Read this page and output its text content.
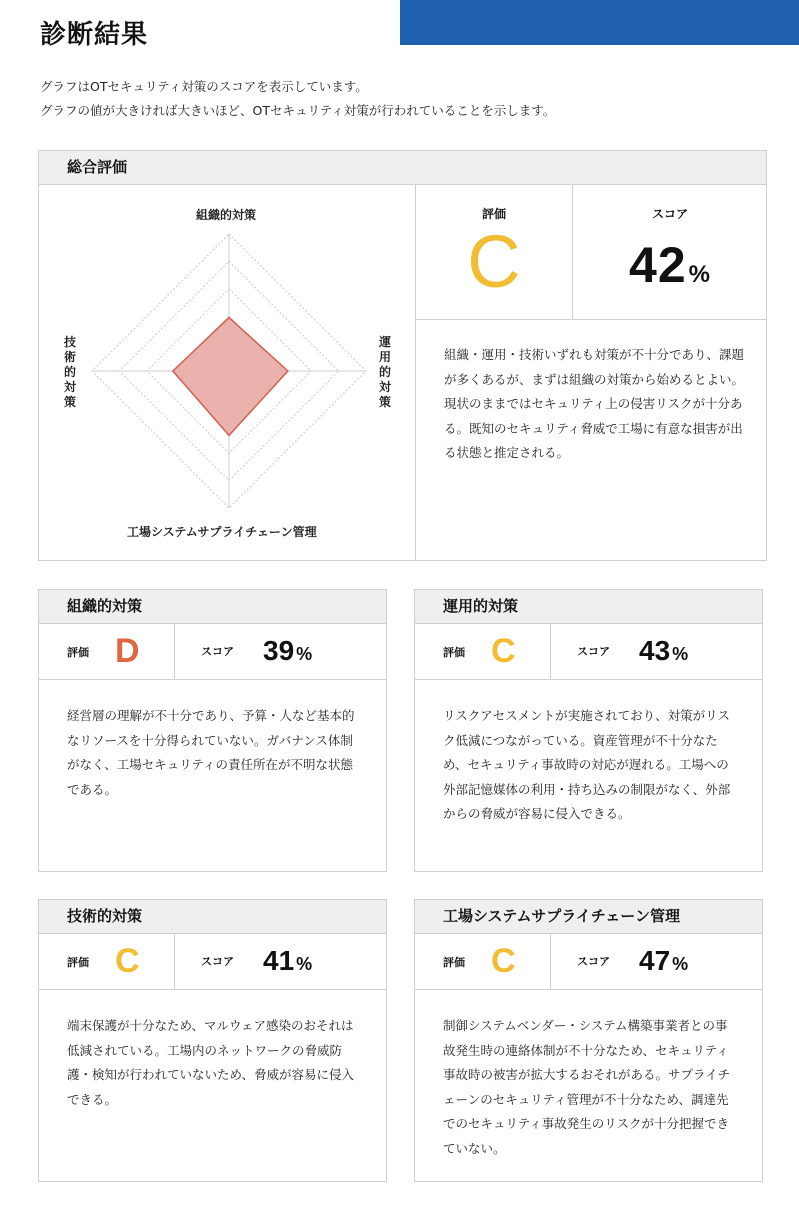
診断結果
グラフはOTセキュリティ対策のスコアを表示しています。
グラフの値が大きければ大きいほど、OTセキュリティ対策が行われていることを示します。
総合評価
組織的対策
運用的対策
技術的対策
工場システムサプライチェーン管理
評価
C
スコア
42%
組織・運用・技術いずれも対策が不十分であり、課題が多くあるが、まずは組織の対策から始めるとよい。現状のままではセキュリティ上の侵害リスクが十分ある。既知のセキュリティ脅威で工場に有意な損害が出る状態と推定される。
組織的対策
評価 D	スコア 39 %
経営層の理解が不十分であり、予算・人など基本的なリソースを十分得られていない。ガバナンス体制がなく、工場セキュリティの責任所在が不明な状態である。
運用的対策
評価 C	スコア 43 %
リスクアセスメントが実施されており、対策がリスク低減につながっている。資産管理が不十分なため、セキュリティ事故時の対応が遅れる。工場への外部記憶媒体の利用・持ち込みの制限がなく、外部からの脅威が容易に侵入できる。
技術的対策
評価 C	スコア 41 %
端末保護が十分なため、マルウェア感染のおそれは低減されている。工場内のネットワークの脅威防護・検知が行われていないため、脅威が容易に侵入できる。
工場システムサプライチェーン管理
評価 C	スコア 47 %
制御システムベンダー・システム構築事業者との事故発生時の連絡体制が不十分なため、セキュリティ事故時の被害が拡大するおそれがある。サプライチェーンのセキュリティ管理が不十分なため、調達先でのセキュリティ事故発生のリスクが十分把握できていない。
